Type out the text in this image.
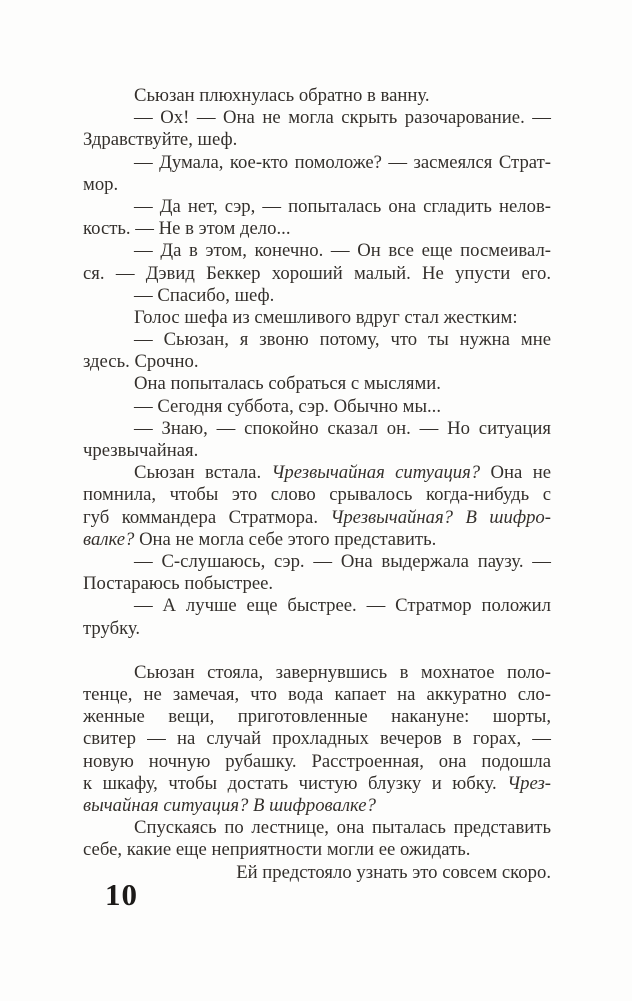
Сьюзан плюхнулась обратно в ванну.
— Ох! — Она не могла скрыть разочарование. —
Здравствуйте, шеф.
— Думала, кое-кто помоложе? — засмеялся Страт-
мор.
— Да нет, сэр, — попыталась она сгладить нелов-
кость. — Не в этом дело...
— Да в этом, конечно. — Он все еще посмеивал-
ся. — Дэвид Беккер хороший малый. Не упусти его.
— Спасибо, шеф.
Голос шефа из смешливого вдруг стал жестким:
— Сьюзан, я звоню потому, что ты нужна мне
здесь. Срочно.
Она попыталась собраться с мыслями.
— Сегодня суббота, сэр. Обычно мы...
— Знаю, — спокойно сказал он. — Но ситуация
чрезвычайная.
Сьюзан встала. Чрезвычайная ситуация? Она не
помнила, чтобы это слово срывалось когда-нибудь с
губ коммандера Стратмора. Чрезвычайная? В шифро-
валке? Она не могла себе этого представить.
— С-слушаюсь, сэр. — Она выдержала паузу. —
Постараюсь побыстрее.
— А лучше еще быстрее. — Стратмор положил
трубку.
Сьюзан стояла, завернувшись в мохнатое поло-
тенце, не замечая, что вода капает на аккуратно сло-
женные вещи, приготовленные накануне: шорты,
свитер — на случай прохладных вечеров в горах, —
новую ночную рубашку. Расстроенная, она подошла
к шкафу, чтобы достать чистую блузку и юбку. Чрез-
вычайная ситуация? В шифровалке?
Спускаясь по лестнице, она пыталась представить
себе, какие еще неприятности могли ее ожидать.
Ей предстояло узнать это совсем скоро.
10
